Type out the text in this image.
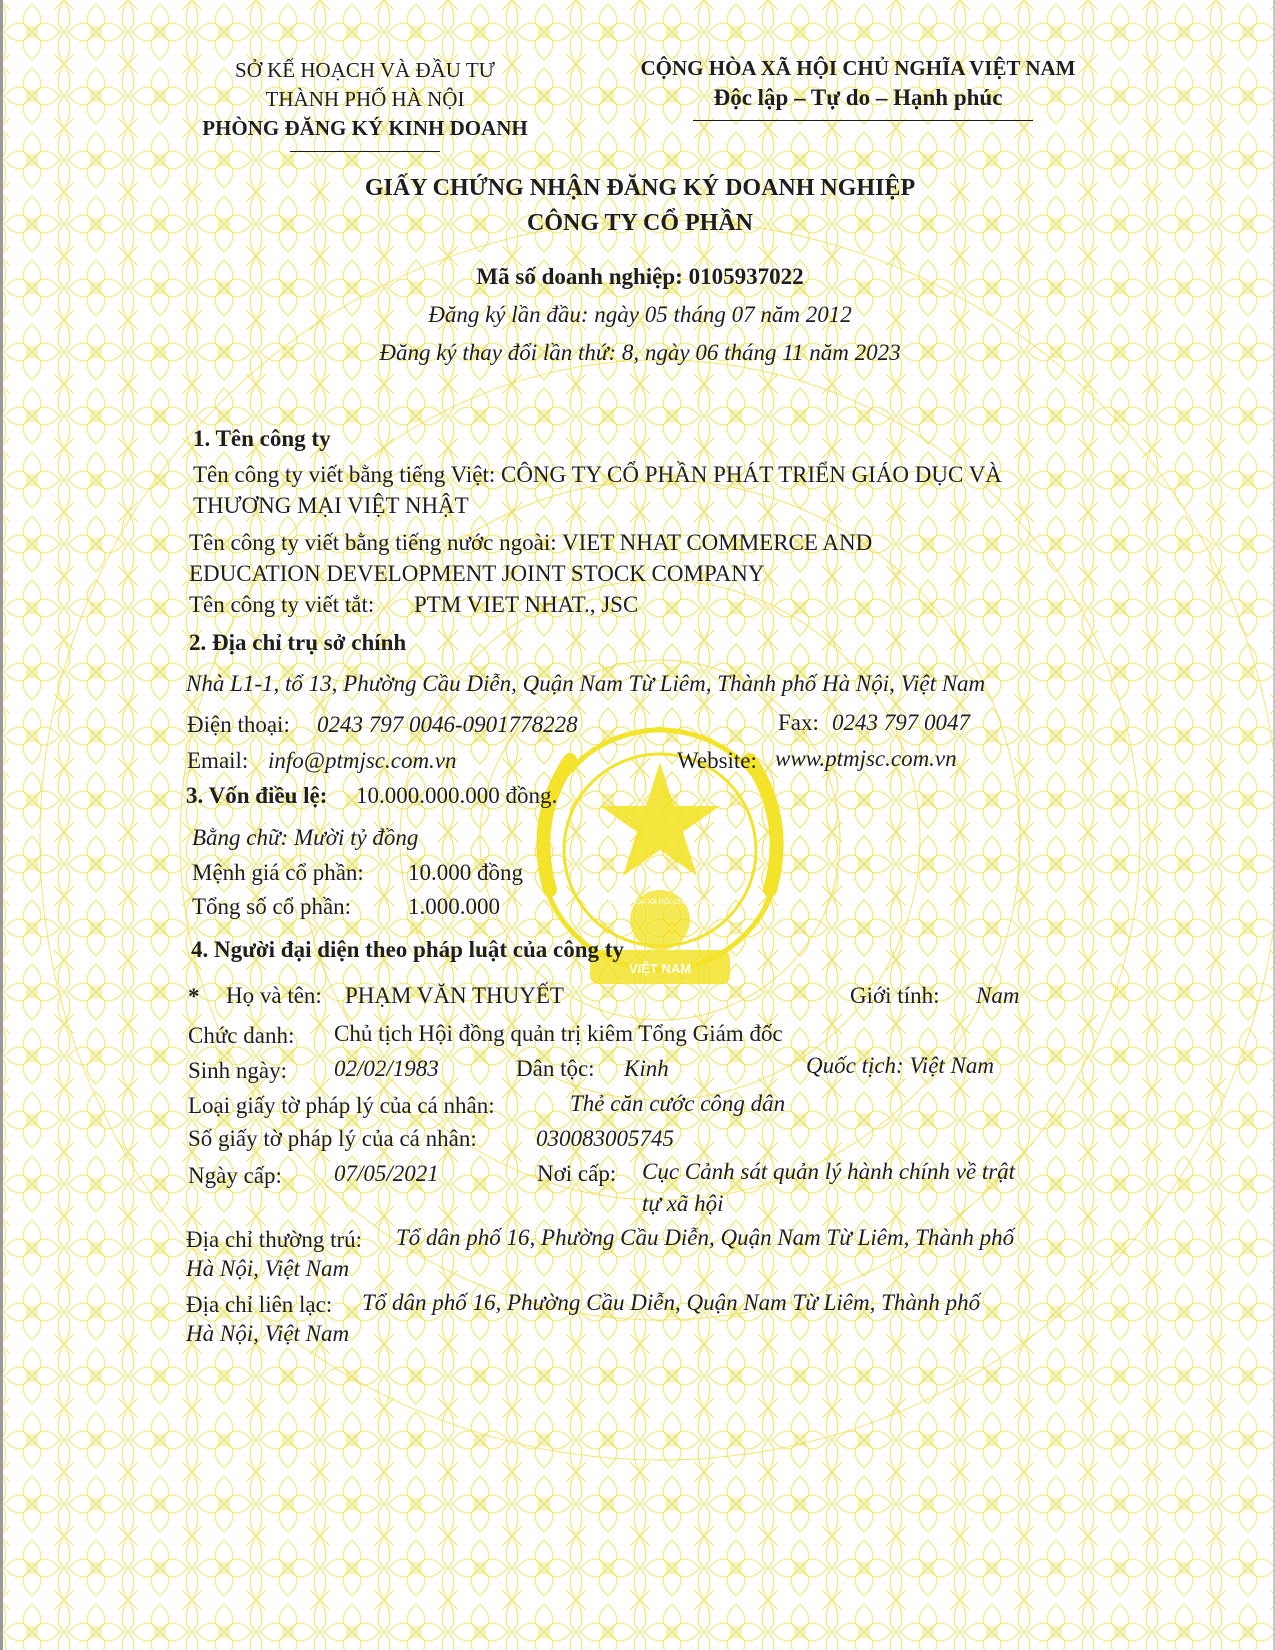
VIỆT NAM
CỘNG HÒA XÃ HỘI CHỦ NGHĨA
SỞ KẾ HOẠCH VÀ ĐẦU TƯ
THÀNH PHỐ HÀ NỘI
PHÒNG ĐĂNG KÝ KINH DOANH
CỘNG HÒA XÃ HỘI CHỦ NGHĨA VIỆT NAM
Độc lập – Tự do – Hạnh phúc
GIẤY CHỨNG NHẬN ĐĂNG KÝ DOANH NGHIỆP
CÔNG TY CỔ PHẦN
Mã số doanh nghiệp: 0105937022
Đăng ký lần đầu: ngày 05 tháng 07 năm 2012
Đăng ký thay đổi lần thứ: 8, ngày 06 tháng 11 năm 2023
1. Tên công ty
Tên công ty viết bằng tiếng Việt: CÔNG TY CỔ PHẦN PHÁT TRIỂN GIÁO DỤC VÀ
THƯƠNG MẠI VIỆT NHẬT
Tên công ty viết bằng tiếng nước ngoài: VIET NHAT COMMERCE AND
EDUCATION DEVELOPMENT JOINT STOCK COMPANY
Tên công ty viết tắt: PTM VIET NHAT., JSC
2. Địa chỉ trụ sở chính
Nhà L1-1, tổ 13, Phường Cầu Diễn, Quận Nam Từ Liêm, Thành phố Hà Nội, Việt Nam
Điện thoại: 0243 797 0046-0901778228	Fax: 0243 797 0047
Email: info@ptmjsc.com.vn	Website: www.ptmjsc.com.vn
3. Vốn điều lệ: 10.000.000.000 đồng.
Bằng chữ: Mười tỷ đồng
Mệnh giá cổ phần: 10.000 đồng
Tổng số cổ phần: 1.000.000
4. Người đại diện theo pháp luật của công ty
* Họ và tên: PHẠM VĂN THUYẾT	Giới tính: Nam
Chức danh: Chủ tịch Hội đồng quản trị kiêm Tổng Giám đốc
Sinh ngày: 02/02/1983	Dân tộc: Kinh	Quốc tịch: Việt Nam
Loại giấy tờ pháp lý của cá nhân:	Thẻ căn cước công dân
Số giấy tờ pháp lý của cá nhân:	030083005745
Ngày cấp: 07/05/2021	Nơi cấp: Cục Cảnh sát quản lý hành chính về trật
tự xã hội
Địa chỉ thường trú: Tổ dân phố 16, Phường Cầu Diễn, Quận Nam Từ Liêm, Thành phố
Hà Nội, Việt Nam
Địa chỉ liên lạc: Tổ dân phố 16, Phường Cầu Diễn, Quận Nam Từ Liêm, Thành phố
Hà Nội, Việt Nam
